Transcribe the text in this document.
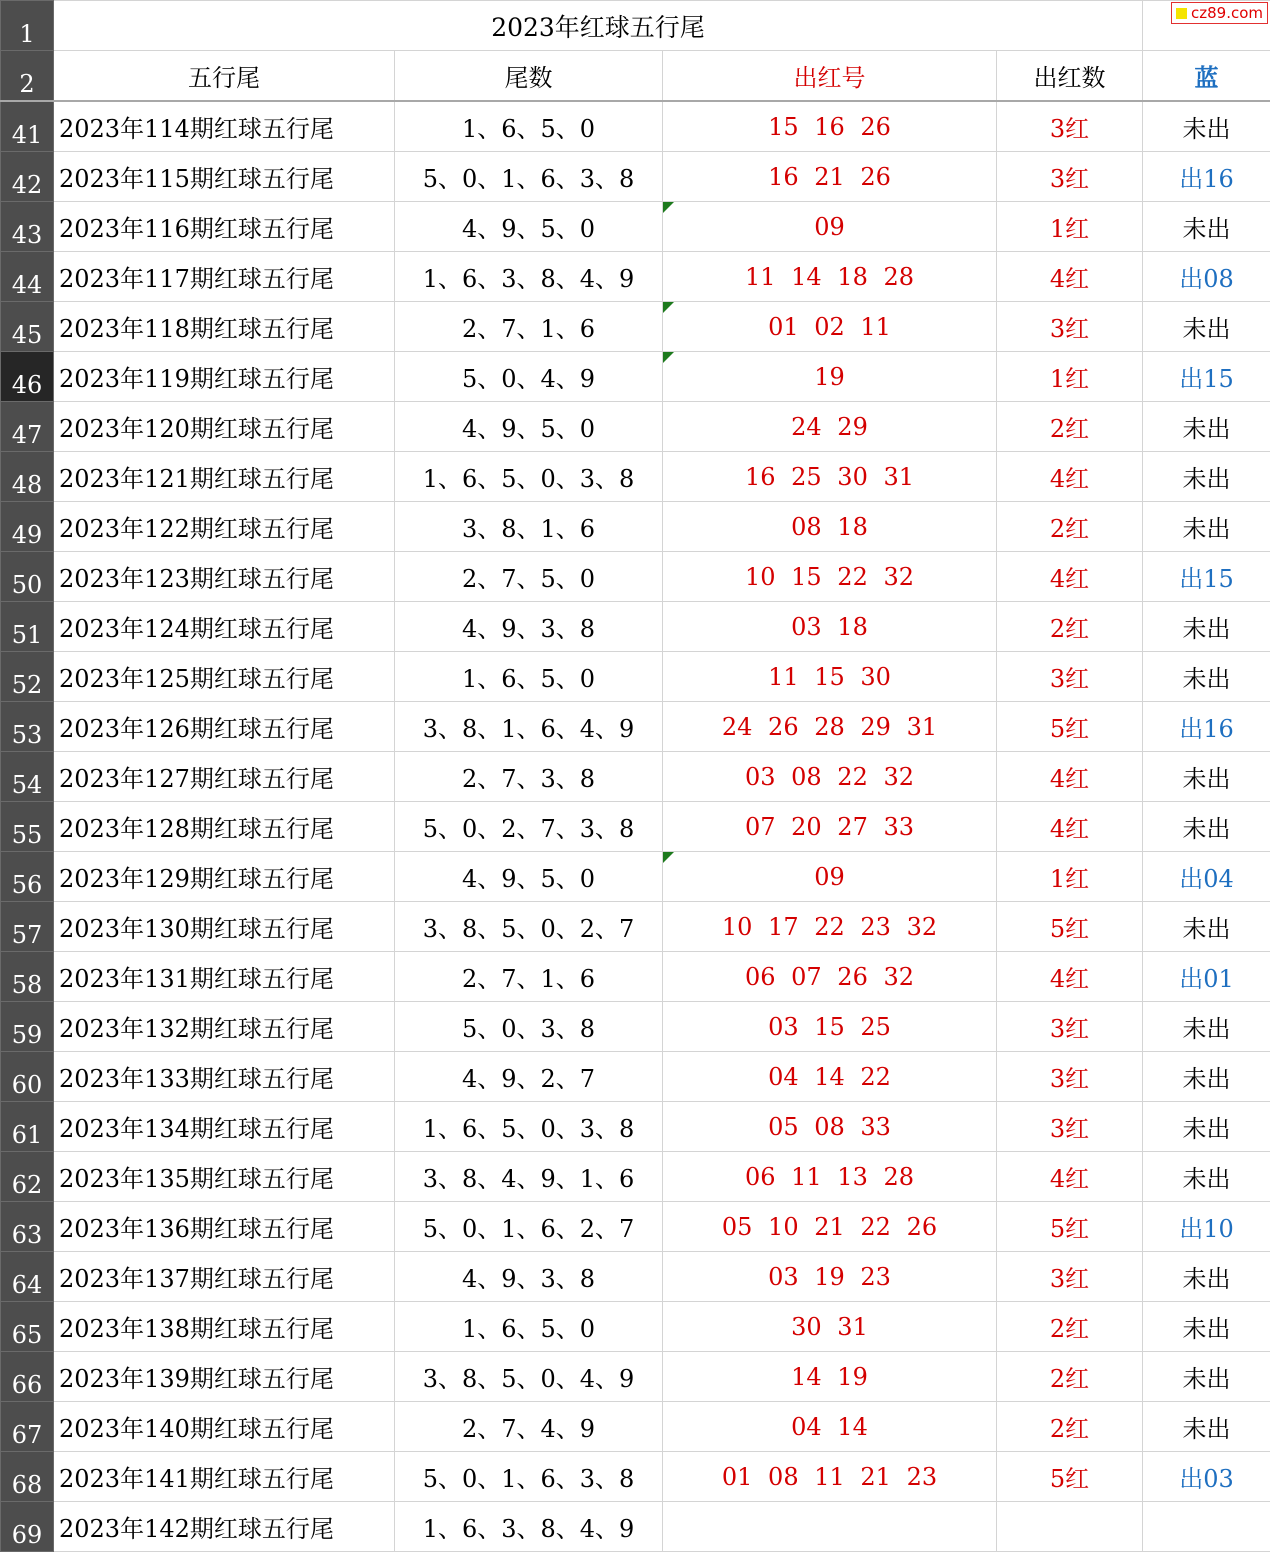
cz89.com
1	2023年红球五行尾				
2	五行尾	尾数	出红号	出红数	蓝
41	2023年114期红球五行尾	1、6、5、0	15 16 26	3红	未出
42	2023年115期红球五行尾	5、0、1、6、3、8	16 21 26	3红	出16
43	2023年116期红球五行尾	4、9、5、0	09	1红	未出
44	2023年117期红球五行尾	1、6、3、8、4、9	11 14 18 28	4红	出08
45	2023年118期红球五行尾	2、7、1、6	01 02 11	3红	未出
46	2023年119期红球五行尾	5、0、4、9	19	1红	出15
47	2023年120期红球五行尾	4、9、5、0	24 29	2红	未出
48	2023年121期红球五行尾	1、6、5、0、3、8	16 25 30 31	4红	未出
49	2023年122期红球五行尾	3、8、1、6	08 18	2红	未出
50	2023年123期红球五行尾	2、7、5、0	10 15 22 32	4红	出15
51	2023年124期红球五行尾	4、9、3、8	03 18	2红	未出
52	2023年125期红球五行尾	1、6、5、0	11 15 30	3红	未出
53	2023年126期红球五行尾	3、8、1、6、4、9	24 26 28 29 31	5红	出16
54	2023年127期红球五行尾	2、7、3、8	03 08 22 32	4红	未出
55	2023年128期红球五行尾	5、0、2、7、3、8	07 20 27 33	4红	未出
56	2023年129期红球五行尾	4、9、5、0	09	1红	出04
57	2023年130期红球五行尾	3、8、5、0、2、7	10 17 22 23 32	5红	未出
58	2023年131期红球五行尾	2、7、1、6	06 07 26 32	4红	出01
59	2023年132期红球五行尾	5、0、3、8	03 15 25	3红	未出
60	2023年133期红球五行尾	4、9、2、7	04 14 22	3红	未出
61	2023年134期红球五行尾	1、6、5、0、3、8	05 08 33	3红	未出
62	2023年135期红球五行尾	3、8、4、9、1、6	06 11 13 28	4红	未出
63	2023年136期红球五行尾	5、0、1、6、2、7	05 10 21 22 26	5红	出10
64	2023年137期红球五行尾	4、9、3、8	03 19 23	3红	未出
65	2023年138期红球五行尾	1、6、5、0	30 31	2红	未出
66	2023年139期红球五行尾	3、8、5、0、4、9	14 19	2红	未出
67	2023年140期红球五行尾	2、7、4、9	04 14	2红	未出
68	2023年141期红球五行尾	5、0、1、6、3、8	01 08 11 21 23	5红	出03
69	2023年142期红球五行尾	1、6、3、8、4、9			
